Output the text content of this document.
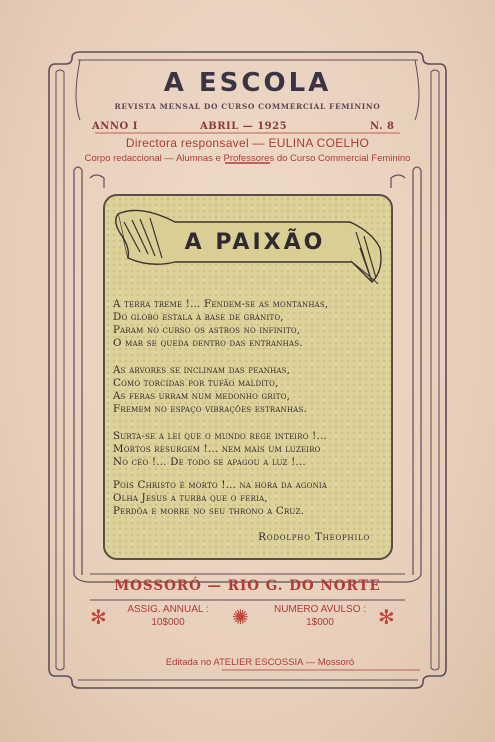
A ESCOLA
REVISTA MENSAL DO CURSO COMMERCIAL FEMININO
ANNO I	ABRIL — 1925	N. 8
Directora responsavel — EULINA COELHO
Corpo redaccional — Alumnas e Professores do Curso Commercial Feminino
A PAIXÃO
A terra treme !... Fendem-se as montanhas,
Do globo estala a base de granito,
Param no curso os astros no infinito,
O mar se queda dentro das entranhas.
As arvores se inclinam das peanhas,
Como torcidas por tufão maldito,
As feras urram num medonho grito,
Fremem no espaço vibrações estranhas.
Surta-se a lei que o mundo rege inteiro !...
Mortos resurgem !... nem mais um luzeiro
No céo !... De todo se apagou a luz !...
Pois Christo é morto !... na hora da agonia
Olha Jesus a turba que o feria,
Perdôa e morre no seu throno a Cruz.
Rodolpho Theophilo
MOSSORÓ — RIO G. DO NORTE
✻	✺	✻
ASSIG. ANNUAL :
10$000
NUMERO AVULSO :
1$000
Editada no ATELIER ESCOSSIA — Mossoró
